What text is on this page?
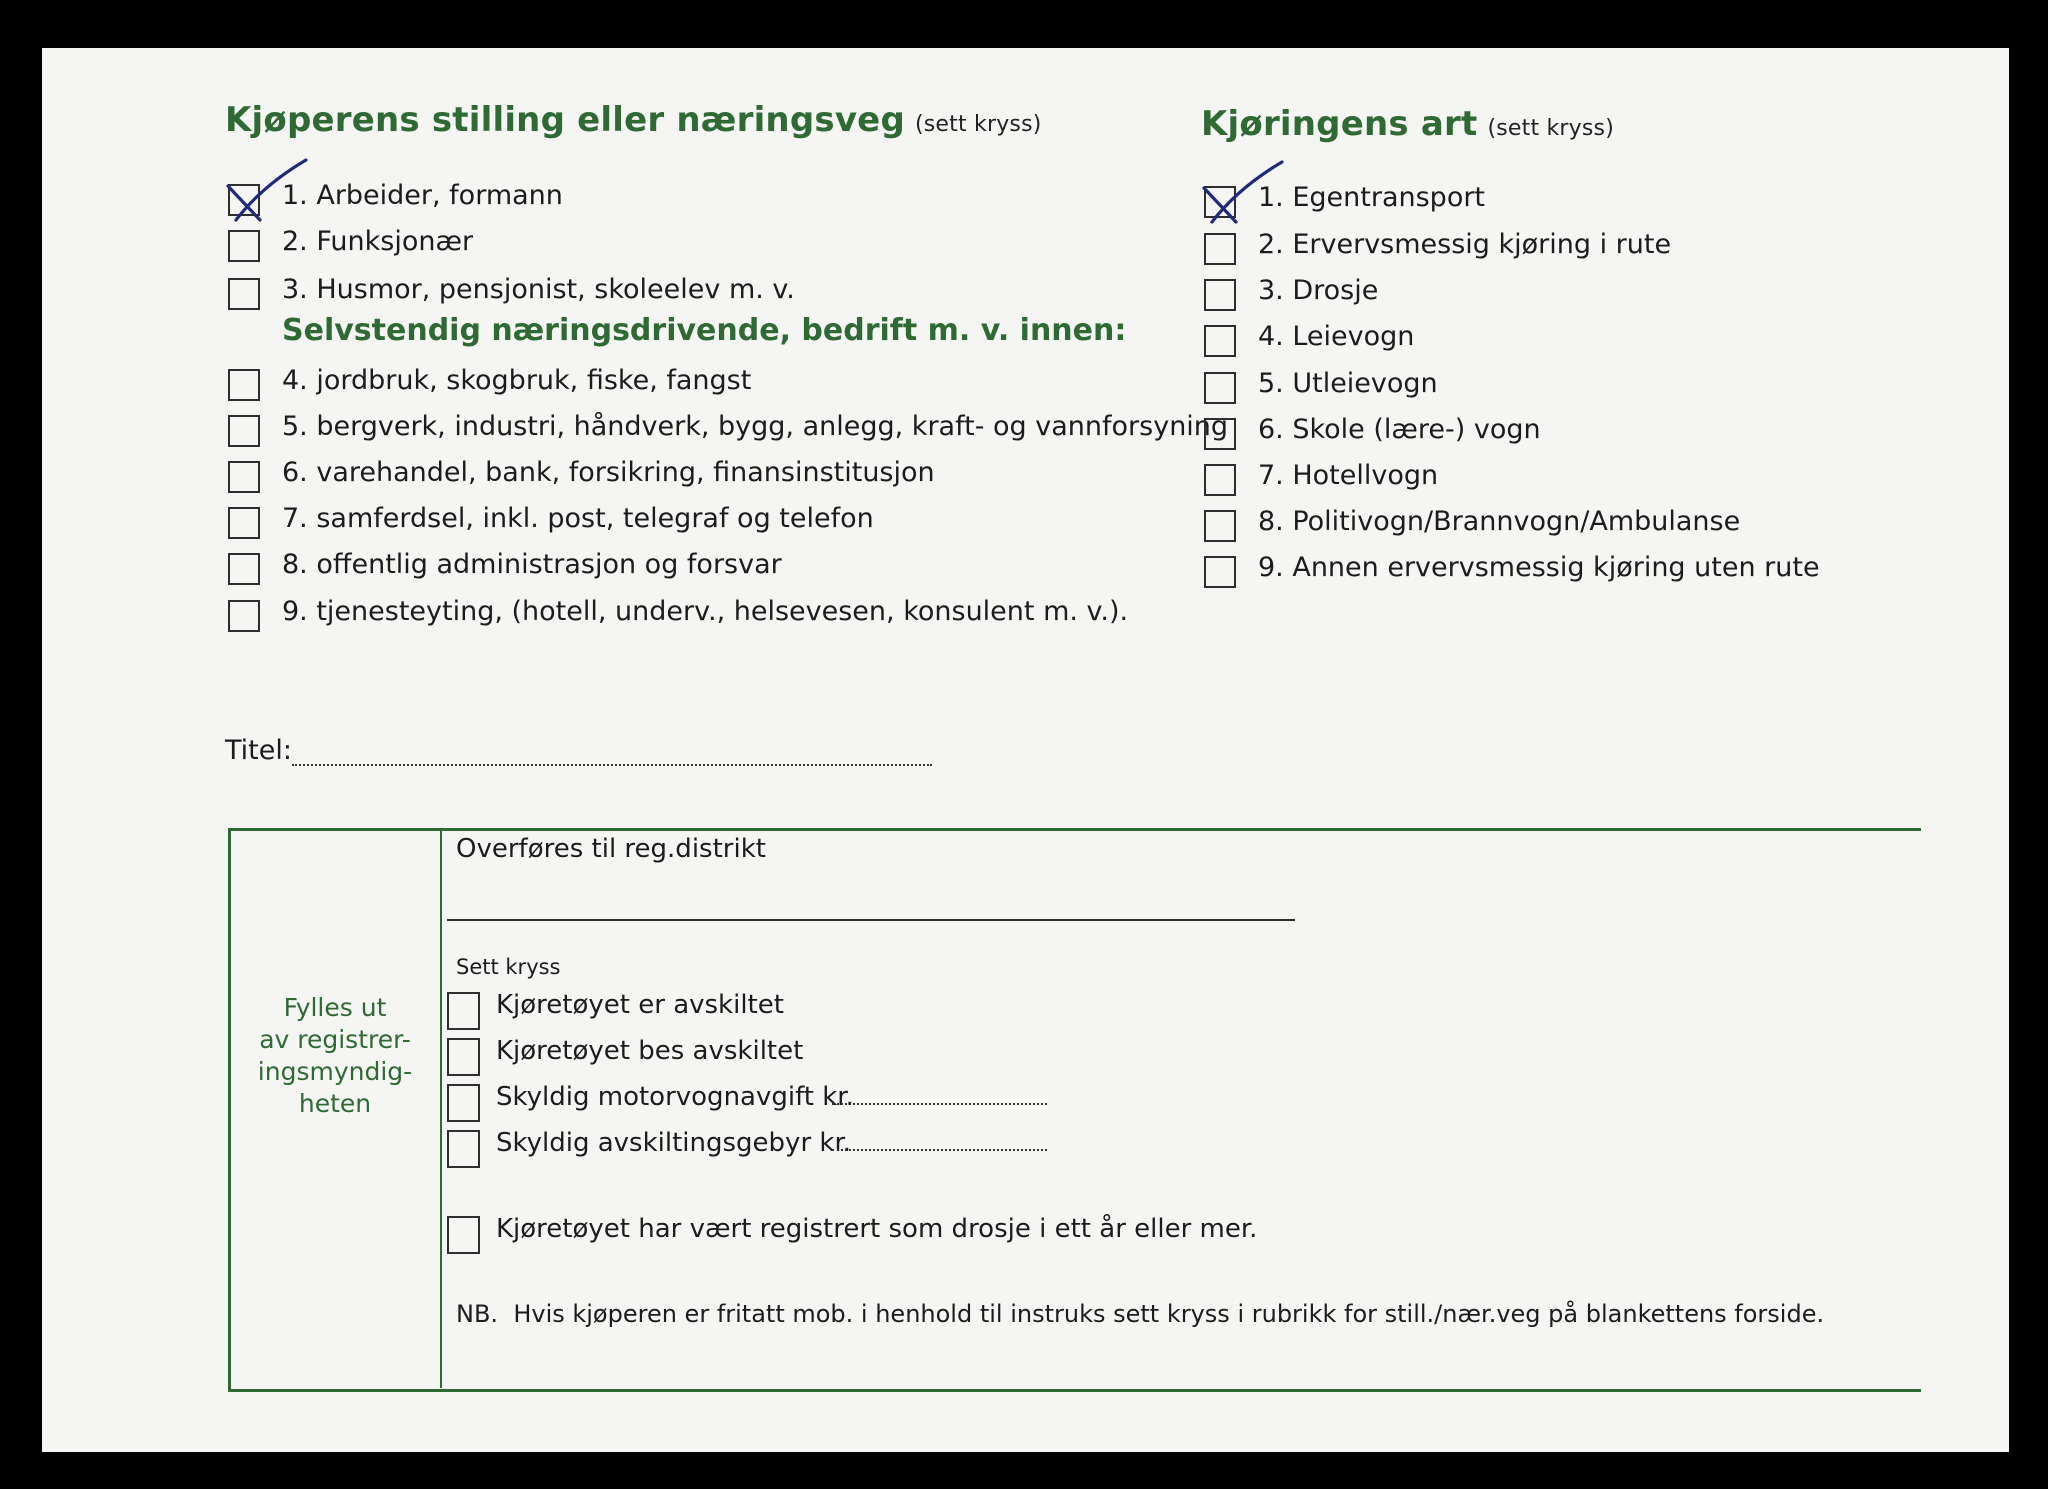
Kjøperens stilling eller næringsveg (sett kryss)
Selvstendig næringsdrivende, bedrift m. v. innen:
Titel:
Kjøringens art (sett kryss)
Fylles ut
av registrer-
ingsmyndig-
heten
Overføres til reg.distrikt
Sett kryss
NB. Hvis kjøperen er fritatt mob. i henhold til instruks sett kryss i rubrikk for still./nær.veg på blankettens forside.
1. Arbeider, formann
2. Funksjonær
3. Husmor, pensjonist, skoleelev m. v.
4. jordbruk, skogbruk, fiske, fangst
5. bergverk, industri, håndverk, bygg, anlegg, kraft- og vannforsyning
6. varehandel, bank, forsikring, finansinstitusjon
7. samferdsel, inkl. post, telegraf og telefon
8. offentlig administrasjon og forsvar
9. tjenesteyting, (hotell, underv., helsevesen, konsulent m. v.).
1. Egentransport
2. Ervervsmessig kjøring i rute
3. Drosje
4. Leievogn
5. Utleievogn
6. Skole (lære-) vogn
7. Hotellvogn
8. Politivogn/Brannvogn/Ambulanse
9. Annen ervervsmessig kjøring uten rute
Kjøretøyet er avskiltet
Kjøretøyet bes avskiltet
Skyldig motorvognavgift kr.
Skyldig avskiltingsgebyr kr.
Kjøretøyet har vært registrert som drosje i ett år eller mer.
